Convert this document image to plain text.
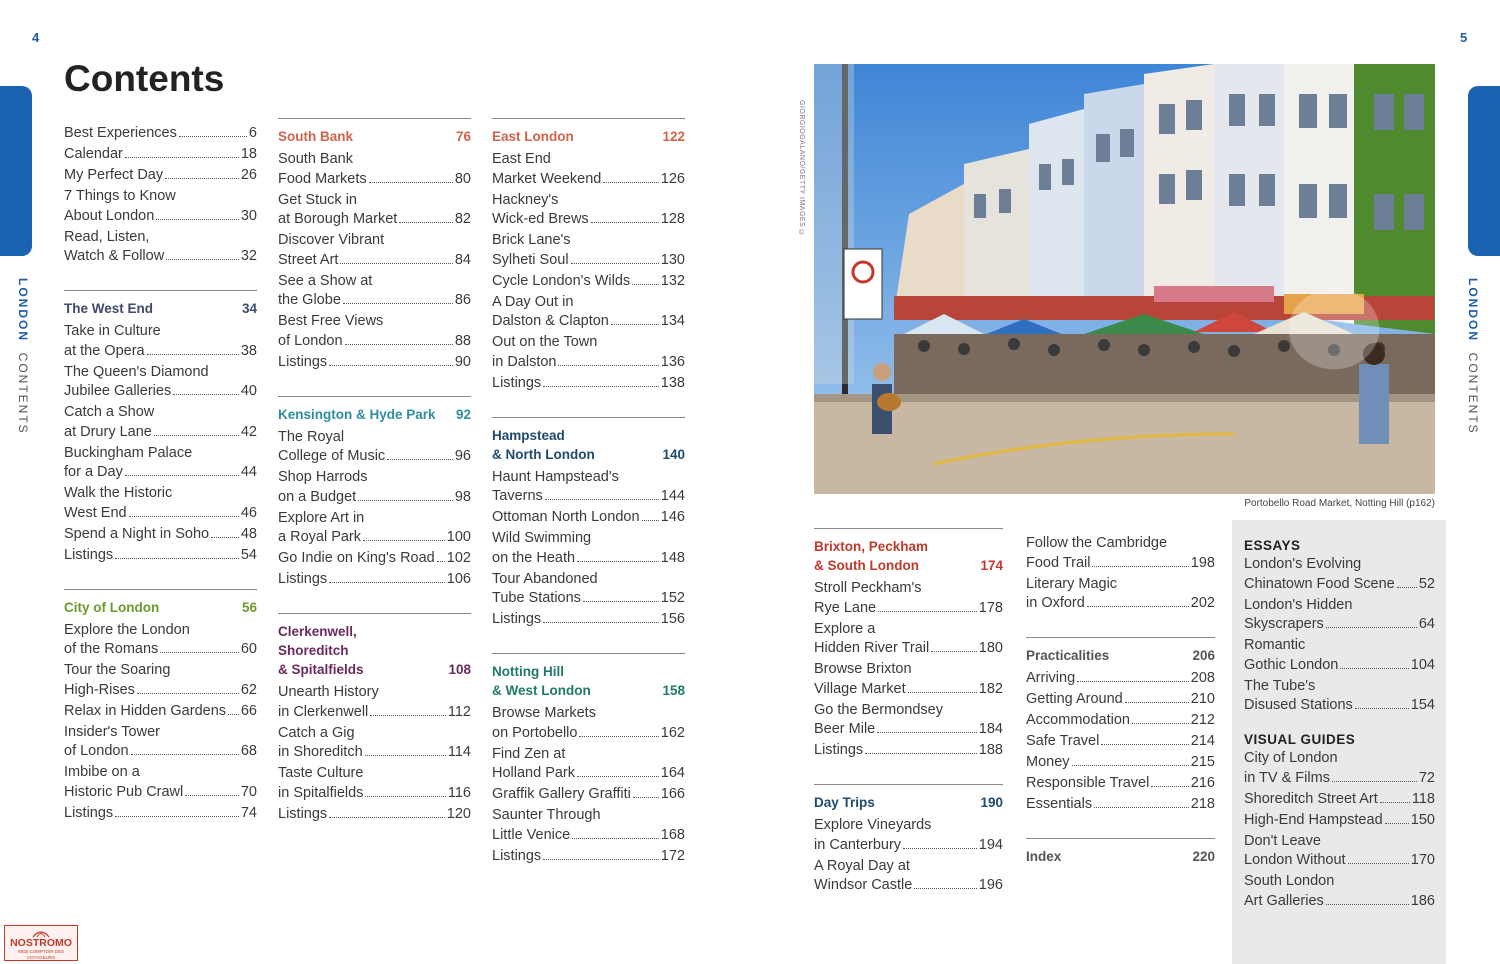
4	5
LONDON  CONTENTS
LONDON  CONTENTS
Contents
Best Experiences	6
Calendar	18
My Perfect Day	26
7 Things to Know
About London	30
Read, Listen,
Watch & Follow	32
The West End	34
Take in Culture
at the Opera	38
The Queen's Diamond
Jubilee Galleries	40
Catch a Show
at Drury Lane	42
Buckingham Palace
for a Day	44
Walk the Historic
West End	46
Spend a Night in Soho 48
Listings	54
City of London	56
Explore the London
of the Romans	60
Tour the Soaring
High-Rises	62
Relax in Hidden Gardens 66
Insider's Tower
of London	68
Imbibe on a
Historic Pub Crawl	70
Listings	74
South Bank	76
South Bank
Food Markets	80
Get Stuck in
at Borough Market	82
Discover Vibrant
Street Art	84
See a Show at
the Globe	86
Best Free Views
of London	88
Listings	90
Kensington & Hyde Park 92
The Royal
College of Music	96
Shop Harrods
on a Budget	98
Explore Art in
a Royal Park	100
Go Indie on King's Road 102
Listings	106
Clerkenwell,
Shoreditch
& Spitalfields	108
Unearth History
in Clerkenwell	112
Catch a Gig
in Shoreditch	114
Taste Culture
in Spitalfields	116
Listings	120
East London	122
East End
Market Weekend	126
Hackney's
Wick-ed Brews	128
Brick Lane's
Sylheti Soul	130
Cycle London's Wilds 132
A Day Out in
Dalston & Clapton	134
Out on the Town
in Dalston	136
Listings	138
Hampstead
& North London	140
Haunt Hampstead's
Taverns	144
Ottoman North London 146
Wild Swimming
on the Heath	148
Tour Abandoned
Tube Stations	152
Listings	156
Notting Hill
& West London	158
Browse Markets
on Portobello	162
Find Zen at
Holland Park	164
Graffik Gallery Graffiti 166
Saunter Through
Little Venice	168
Listings	172
Brixton, Peckham
& South London	174
Stroll Peckham's
Rye Lane	178
Explore a
Hidden River Trail	180
Browse Brixton
Village Market	182
Go the Bermondsey
Beer Mile	184
Listings	188
Day Trips	190
Explore Vineyards
in Canterbury	194
A Royal Day at
Windsor Castle	196
Follow the Cambridge
Food Trail	198
Literary Magic
in Oxford	202
Practicalities	206
Arriving	208
Getting Around	210
Accommodation	212
Safe Travel	214
Money	215
Responsible Travel	216
Essentials	218
Index	220
GIORGIOGALANO/GETTY IMAGES ©
Portobello Road Market, Notting Hill (p162)
ESSAYS
London's Evolving
Chinatown Food Scene 52
London's Hidden
Skyscrapers	64
Romantic
Gothic London	104
The Tube's
Disused Stations	154
VISUAL GUIDES
City of London
in TV & Films	72
Shoreditch Street Art 118
High-End Hampstead 150
Don't Leave
London Without	170
South London
Art Galleries	186
NOSTROMO
WEB COMPTOIR DES VOYAGEURS
